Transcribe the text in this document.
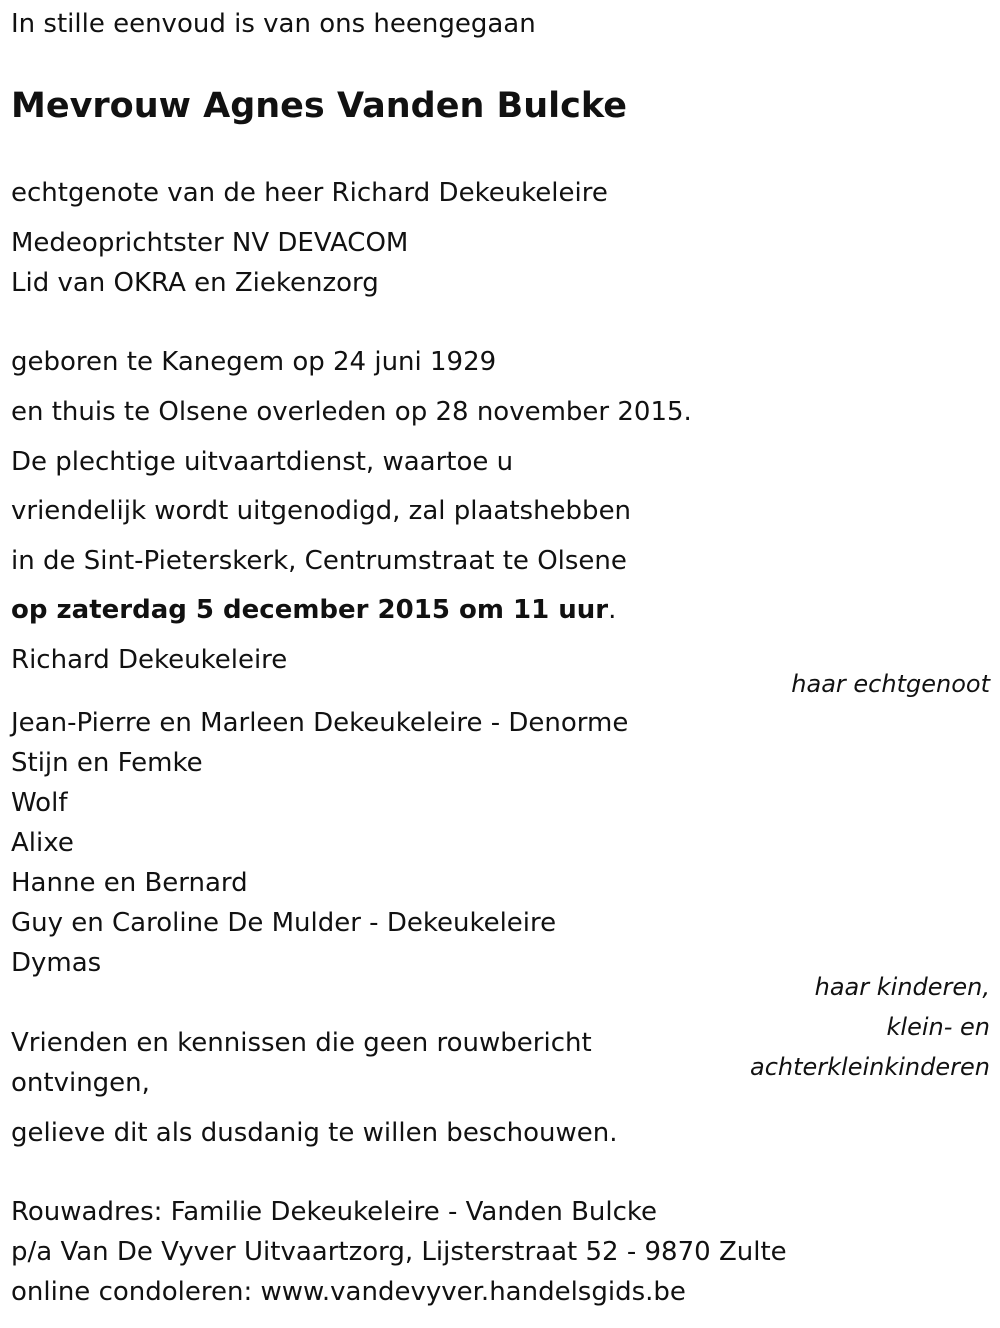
In stille eenvoud is van ons heengegaan
Mevrouw Agnes Vanden Bulcke
echtgenote van de heer Richard Dekeukeleire
Medeoprichtster NV DEVACOM
Lid van OKRA en Ziekenzorg
geboren te Kanegem op 24 juni 1929
en thuis te Olsene overleden op 28 november 2015.
De plechtige uitvaartdienst, waartoe u
vriendelijk wordt uitgenodigd, zal plaatshebben
in de Sint-Pieterskerk, Centrumstraat te Olsene
op zaterdag 5 december 2015 om 11 uur.
Richard Dekeukeleire
haar echtgenoot
Jean-Pierre en Marleen Dekeukeleire - Denorme
Stijn en Femke
Wolf
Alixe
Hanne en Bernard
Guy en Caroline De Mulder - Dekeukeleire
Dymas
haar kinderen,
klein- en
achterkleinkinderen
Vrienden en kennissen die geen rouwbericht
ontvingen,
gelieve dit als dusdanig te willen beschouwen.
Rouwadres: Familie Dekeukeleire - Vanden Bulcke
p/a Van De Vyver Uitvaartzorg, Lijsterstraat 52 - 9870 Zulte
online condoleren: www.vandevyver.handelsgids.be
